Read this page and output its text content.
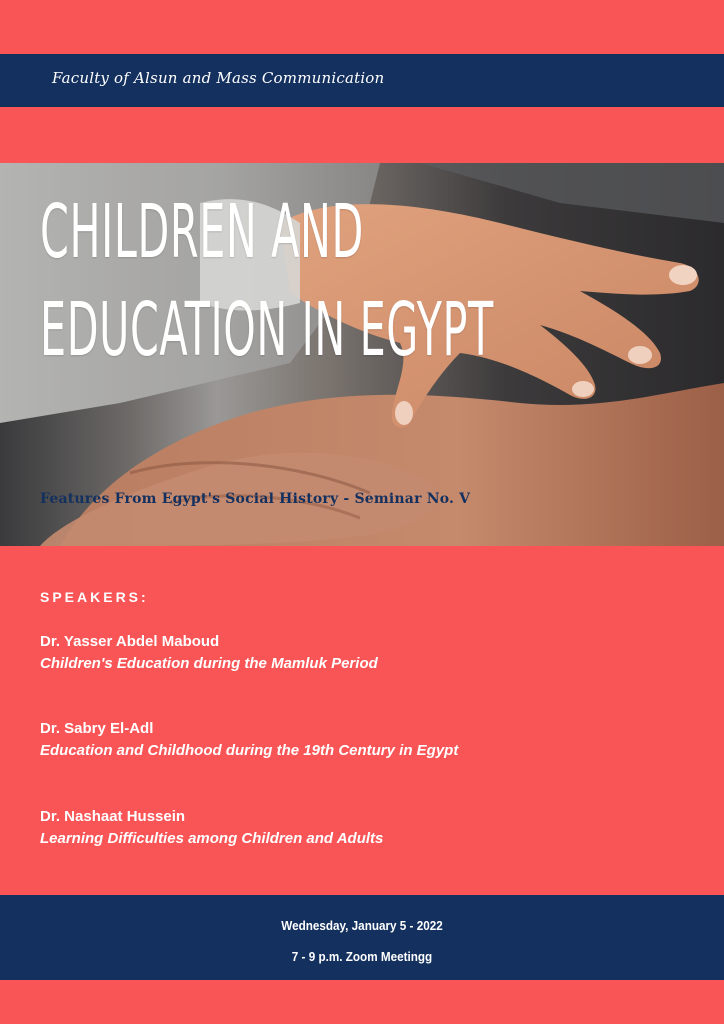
Faculty of Alsun and Mass Communication
CHILDREN AND
EDUCATION IN EGYPT
Features From Egypt's Social History - Seminar No. V
SPEAKERS:
Dr. Yasser Abdel Maboud
Children's Education during the Mamluk Period
Dr. Sabry El-Adl
Education and Childhood during the 19th Century in Egypt
Dr. Nashaat Hussein
Learning Difficulties among Children and Adults
Wednesday, January 5 - 2022
7 - 9 p.m. Zoom Meetingg
